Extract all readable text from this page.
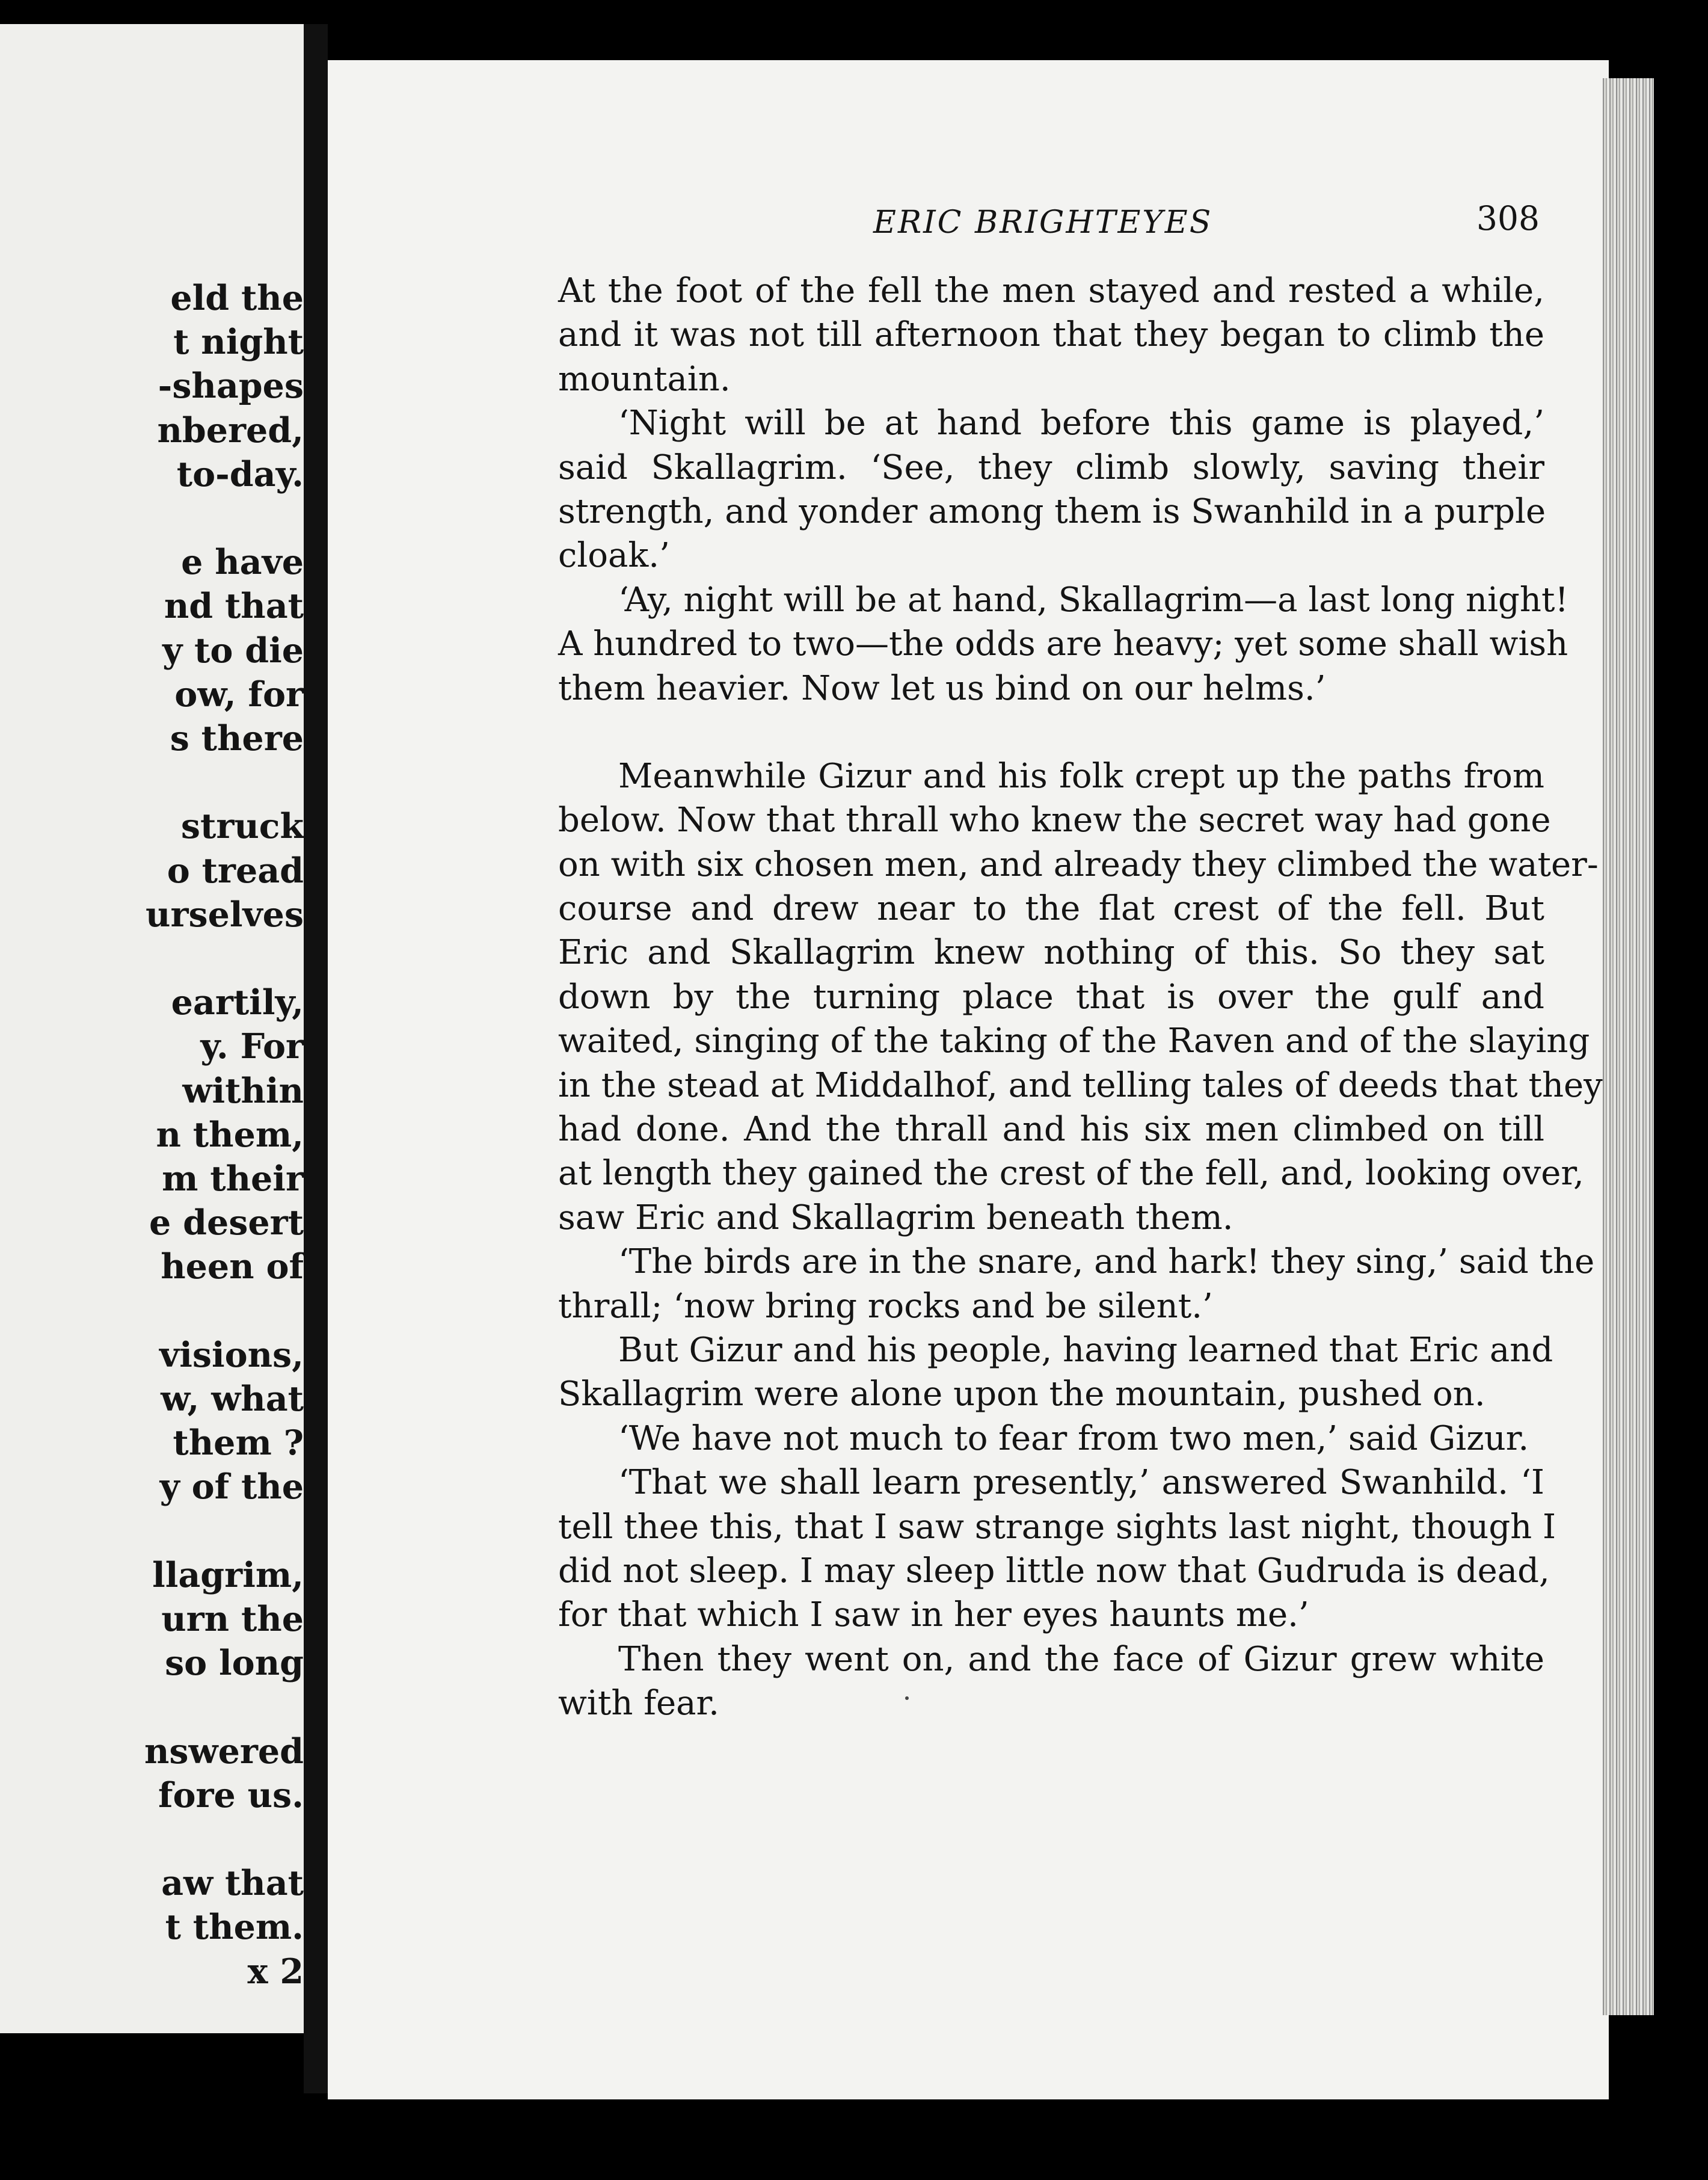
eld the
t night
-shapes
nbered,
to-day.
e have
nd that
y to die
ow, for
s there
struck
o tread
urselves
eartily,
y. For
within
n them,
m their
e desert
heen of
visions,
w, what
them ?
y of the
llagrim,
urn the
so long
nswered
fore us.
aw that
t them.
x 2
ERIC BRIGHTEYES	308
At the foot of the fell the men stayed and rested a while,
and it was not till afternoon that they began to climb the
mountain.
‘Night will be at hand before this game is played,’
said Skallagrim. ‘See, they climb slowly, saving their
strength, and yonder among them is Swanhild in a purple
cloak.’
‘Ay, night will be at hand, Skallagrim—a last long night!
A hundred to two—the odds are heavy; yet some shall wish
them heavier. Now let us bind on our helms.’
Meanwhile Gizur and his folk crept up the paths from
below. Now that thrall who knew the secret way had gone
on with six chosen men, and already they climbed the water-
course and drew near to the flat crest of the fell. But
Eric and Skallagrim knew nothing of this. So they sat
down by the turning place that is over the gulf and
waited, singing of the taking of the Raven and of the slaying
in the stead at Middalhof, and telling tales of deeds that they
had done. And the thrall and his six men climbed on till
at length they gained the crest of the fell, and, looking over,
saw Eric and Skallagrim beneath them.
‘The birds are in the snare, and hark! they sing,’ said the
thrall; ‘now bring rocks and be silent.’
But Gizur and his people, having learned that Eric and
Skallagrim were alone upon the mountain, pushed on.
‘We have not much to fear from two men,’ said Gizur.
‘That we shall learn presently,’ answered Swanhild. ‘I
tell thee this, that I saw strange sights last night, though I
did not sleep. I may sleep little now that Gudruda is dead,
for that which I saw in her eyes haunts me.’
Then they went on, and the face of Gizur grew white
with fear.
